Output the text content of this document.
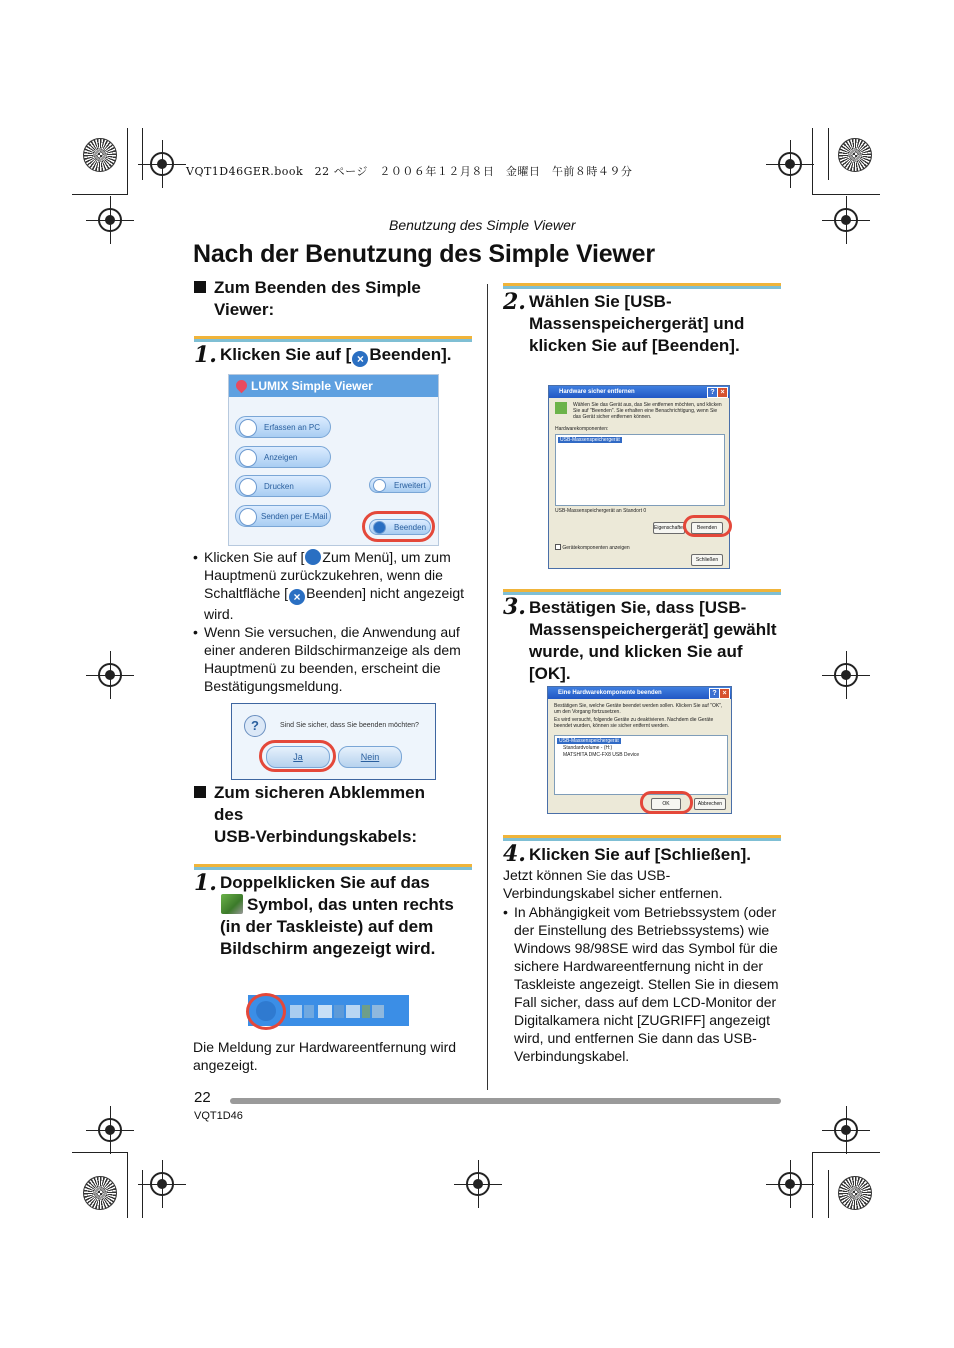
VQT1D46GER.book　22 ページ　２００６年１２月８日　金曜日　午前８時４９分
Benutzung des Simple Viewer
Nach der Benutzung des Simple Viewer
Zum Beenden des Simple Viewer:
1. Klicken Sie auf [ × Beenden].
LUMIX Simple Viewer
Erfassen an PC
Anzeigen
Drucken
Senden per E-Mail
Erweitert
Beenden
• Klicken Sie auf [ Zum Menü], um zum Hauptmenü zurückzukehren, wenn die Schaltfläche [ × Beenden] nicht angezeigt wird.
• Wenn Sie versuchen, die Anwendung auf einer anderen Bildschirmanzeige als dem Hauptmenü zu beenden, erscheint die Bestätigungsmeldung.
?	Sind Sie sicher, dass Sie beenden möchten?
Ja	Nein
Zum sicheren Abklemmen des
USB-Verbindungskabels:
1. Doppelklicken Sie auf das
Symbol, das unten rechts (in der Taskleiste) auf dem Bildschirm angezeigt wird.
Die Meldung zur Hardwareentfernung wird angezeigt.
2. Wählen Sie [USB-Massenspeichergerät] und klicken Sie auf [Beenden].
Hardware sicher entfernen	? ×
Wählen Sie das Gerät aus, das Sie entfernen möchten, und klicken Sie auf "Beenden". Sie erhalten eine Benachrichtigung, wenn Sie das Gerät sicher entfernen können.
Hardwarekomponenten:
USB-Massenspeichergerät
USB-Massenspeichergerät an Standort 0
Eigenschaften	Beenden
Gerätekomponenten anzeigen
Schließen
3. Bestätigen Sie, dass [USB-Massenspeichergerät] gewählt wurde, und klicken Sie auf [OK].
Eine Hardwarekomponente beenden	? ×
Bestätigen Sie, welche Geräte beendet werden sollen. Klicken Sie auf "OK", um den Vorgang fortzusetzen.
Es wird versucht, folgende Geräte zu deaktivieren. Nachdem die Geräte beendet wurden, können sie sicher entfernt werden.
USB-Massenspeichergerät
Standardvolume - (H:)
MATSHITA DMC-FX8 USB Device
OK	Abbrechen
4. Klicken Sie auf [Schließen].
Jetzt können Sie das USB-Verbindungskabel sicher entfernen.
• In Abhängigkeit vom Betriebssystem (oder der Einstellung des Betriebssystems) wie Windows 98/98SE wird das Symbol für die sichere Hardwareentfernung nicht in der Taskleiste angezeigt. Stellen Sie in diesem Fall sicher, dass auf dem LCD-Monitor der Digitalkamera nicht [ZUGRIFF] angezeigt wird, und entfernen Sie dann das USB-Verbindungskabel.
22
VQT1D46
